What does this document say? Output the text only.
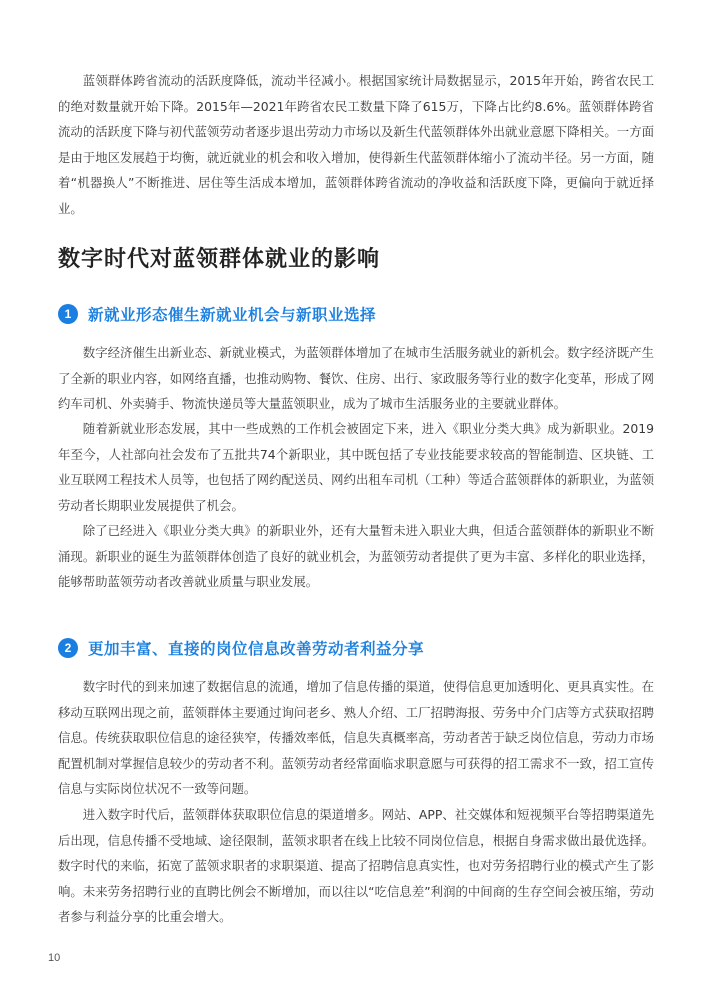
蓝领群体跨省流动的活跃度降低，流动半径减小。根据国家统计局数据显示，2015年开始，跨省农民工的绝对数量就开始下降。2015年—2021年跨省农民工数量下降了615万，下降占比约8.6%。蓝领群体跨省流动的活跃度下降与初代蓝领劳动者逐步退出劳动力市场以及新生代蓝领群体外出就业意愿下降相关。一方面是由于地区发展趋于均衡，就近就业的机会和收入增加，使得新生代蓝领群体缩小了流动半径。另一方面，随着“机器换人”不断推进、居住等生活成本增加，蓝领群体跨省流动的净收益和活跃度下降，更偏向于就近择业。

数字时代对蓝领群体就业的影响
1	新就业形态催生新就业机会与新职业选择

数字经济催生出新业态、新就业模式，为蓝领群体增加了在城市生活服务就业的新机会。数字经济既产生了全新的职业内容，如网络直播，也推动购物、餐饮、住房、出行、家政服务等行业的数字化变革，形成了网约车司机、外卖骑手、物流快递员等大量蓝领职业，成为了城市生活服务业的主要就业群体。

随着新就业形态发展，其中一些成熟的工作机会被固定下来，进入《职业分类大典》成为新职业。2019年至今，人社部向社会发布了五批共74个新职业，其中既包括了专业技能要求较高的智能制造、区块链、工业互联网工程技术人员等，也包括了网约配送员、网约出租车司机（工种）等适合蓝领群体的新职业，为蓝领劳动者长期职业发展提供了机会。

除了已经进入《职业分类大典》的新职业外，还有大量暂未进入职业大典，但适合蓝领群体的新职业不断涌现。新职业的诞生为蓝领群体创造了良好的就业机会，为蓝领劳动者提供了更为丰富、多样化的职业选择，能够帮助蓝领劳动者改善就业质量与职业发展。

2	更加丰富、直接的岗位信息改善劳动者利益分享

数字时代的到来加速了数据信息的流通，增加了信息传播的渠道，使得信息更加透明化、更具真实性。在移动互联网出现之前，蓝领群体主要通过询问老乡、熟人介绍、工厂招聘海报、劳务中介门店等方式获取招聘信息。传统获取职位信息的途径狭窄，传播效率低，信息失真概率高，劳动者苦于缺乏岗位信息，劳动力市场配置机制对掌握信息较少的劳动者不利。蓝领劳动者经常面临求职意愿与可获得的招工需求不一致，招工宣传信息与实际岗位状况不一致等问题。

进入数字时代后，蓝领群体获取职位信息的渠道增多。网站、APP、社交媒体和短视频平台等招聘渠道先后出现，信息传播不受地域、途径限制，蓝领求职者在线上比较不同岗位信息，根据自身需求做出最优选择。数字时代的来临，拓宽了蓝领求职者的求职渠道、提高了招聘信息真实性，也对劳务招聘行业的模式产生了影响。未来劳务招聘行业的直聘比例会不断增加，而以往以“吃信息差”利润的中间商的生存空间会被压缩，劳动者参与利益分享的比重会增大。

10
